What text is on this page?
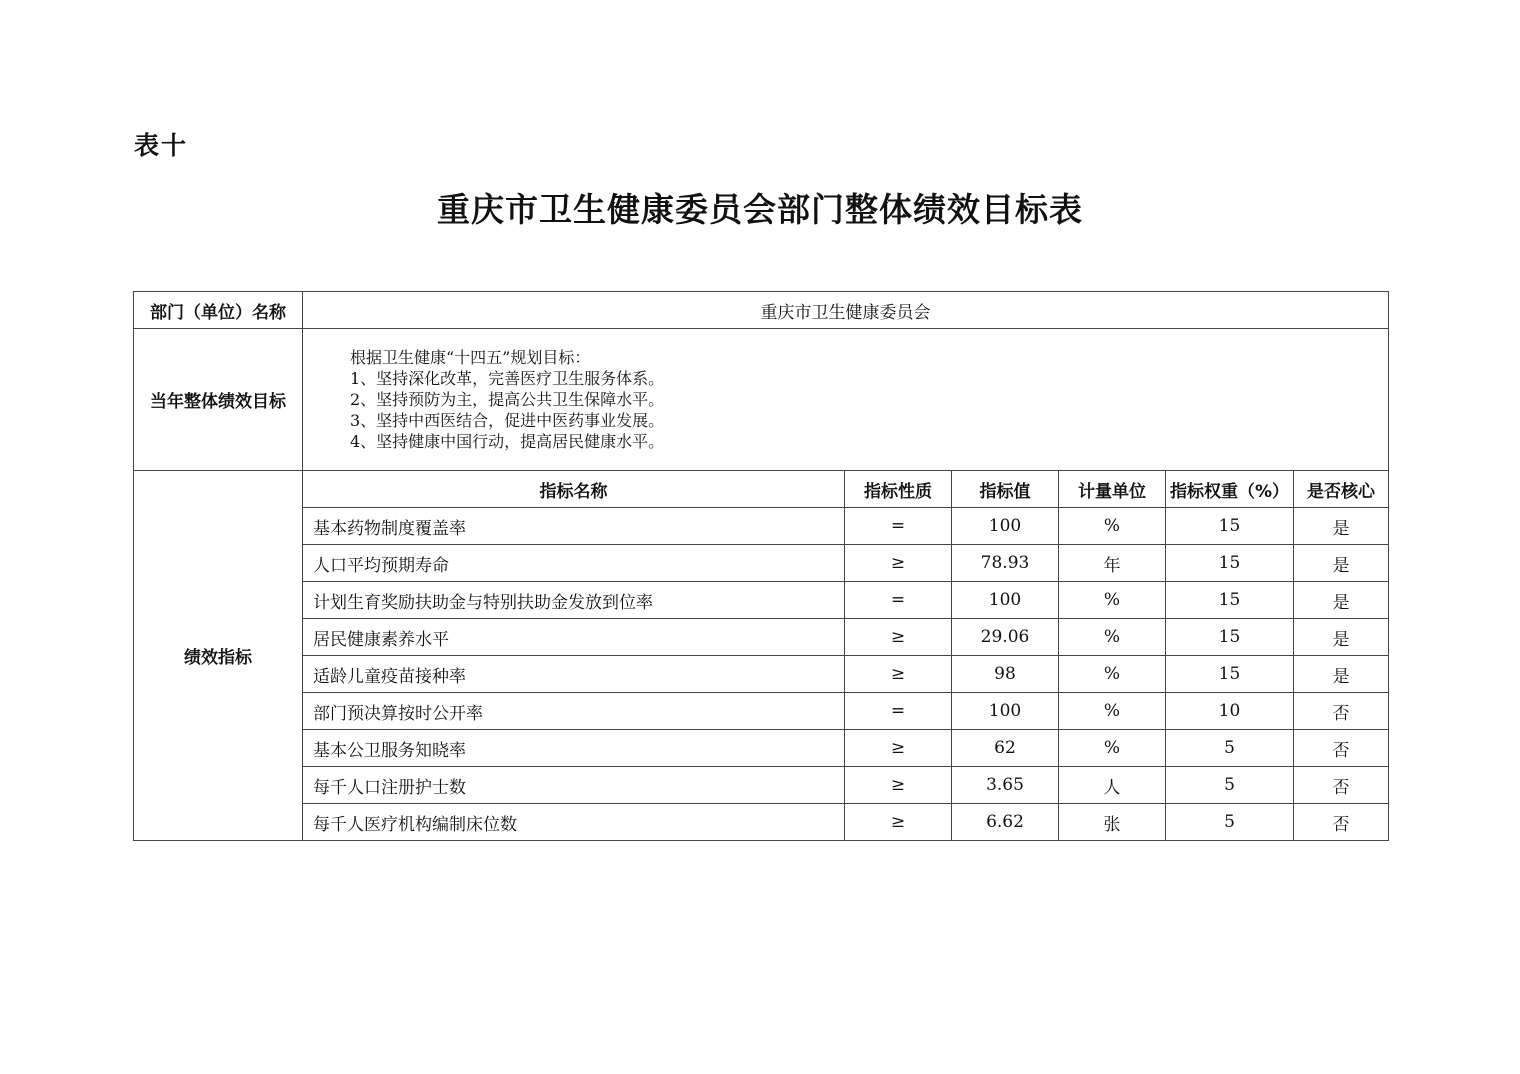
表十
重庆市卫生健康委员会部门整体绩效目标表
部门（单位）名称	重庆市卫生健康委员会					
当年整体绩效目标	根据卫生健康“十四五”规划目标：
1、坚持深化改革，完善医疗卫生服务体系。
2、坚持预防为主，提高公共卫生保障水平。
3、坚持中西医结合，促进中医药事业发展。
4、坚持健康中国行动，提高居民健康水平。					

绩效指标	指标名称	指标性质	指标值	计量单位	指标权重（%）	是否核心
	基本药物制度覆盖率	=	100	%	15	是
	人口平均预期寿命	≥	78.93	年	15	是
	计划生育奖励扶助金与特别扶助金发放到位率	=	100	%	15	是
	居民健康素养水平	≥	29.06	%	15	是
	适龄儿童疫苗接种率	≥	98	%	15	是
	部门预决算按时公开率	=	100	%	10	否
	基本公卫服务知晓率	≥	62	%	5	否
	每千人口注册护士数	≥	3.65	人	5	否
	每千人医疗机构编制床位数	≥	6.62	张	5	否
